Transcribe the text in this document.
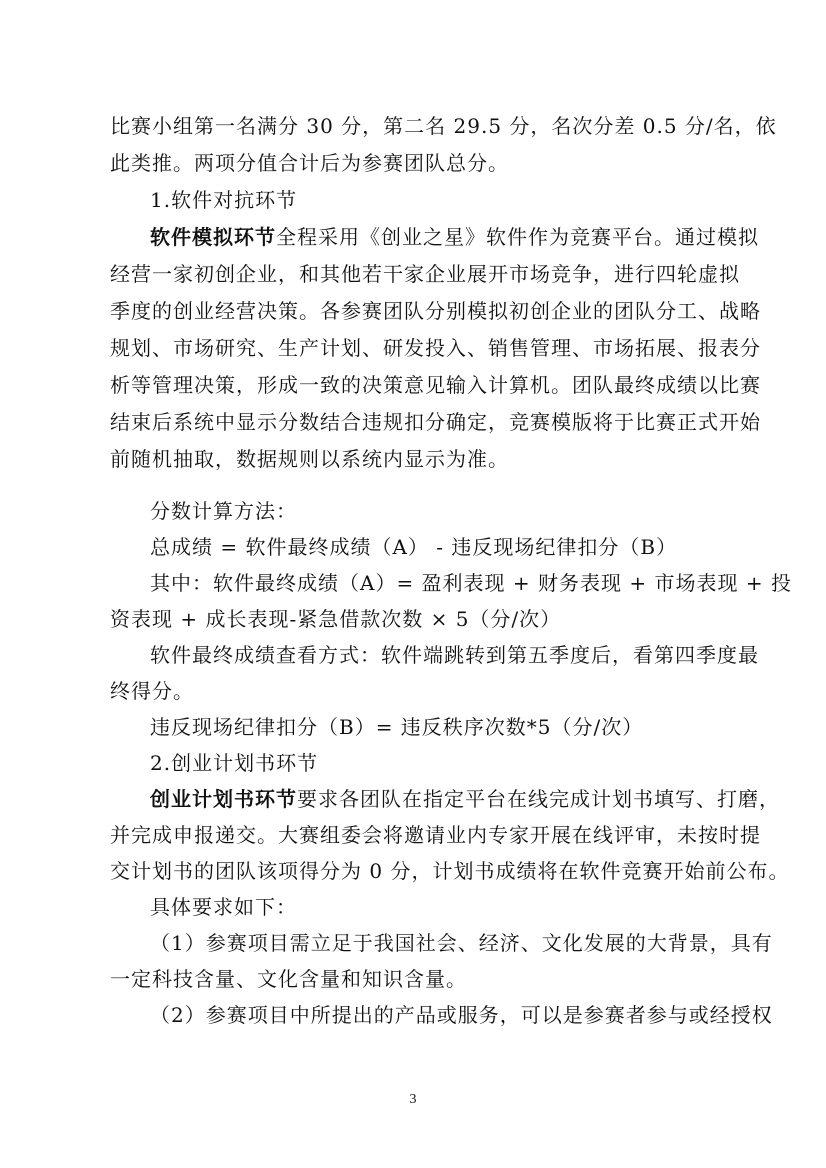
比赛小组第一名满分 30 分，第二名 29.5 分，名次分差 0.5 分/名，依
此类推。两项分值合计后为参赛团队总分。
1.软件对抗环节
软件模拟环节全程采用《创业之星》软件作为竞赛平台。通过模拟
经营一家初创企业，和其他若干家企业展开市场竞争，进行四轮虚拟
季度的创业经营决策。各参赛团队分别模拟初创企业的团队分工、战略
规划、市场研究、生产计划、研发投入、销售管理、市场拓展、报表分
析等管理决策，形成一致的决策意见输入计算机。团队最终成绩以比赛
结束后系统中显示分数结合违规扣分确定，竞赛模版将于比赛正式开始
前随机抽取，数据规则以系统内显示为准。
分数计算方法：
总成绩 = 软件最终成绩（A） - 违反现场纪律扣分（B）
其中：软件最终成绩（A）= 盈利表现 + 财务表现 + 市场表现 + 投
资表现 + 成长表现-紧急借款次数 × 5（分/次）
软件最终成绩查看方式：软件端跳转到第五季度后，看第四季度最
终得分。
违反现场纪律扣分（B）= 违反秩序次数*5（分/次）
2.创业计划书环节
创业计划书环节要求各团队在指定平台在线完成计划书填写、打磨，
并完成申报递交。大赛组委会将邀请业内专家开展在线评审，未按时提
交计划书的团队该项得分为 0 分，计划书成绩将在软件竞赛开始前公布。
具体要求如下：
（1）参赛项目需立足于我国社会、经济、文化发展的大背景，具有
一定科技含量、文化含量和知识含量。
（2）参赛项目中所提出的产品或服务，可以是参赛者参与或经授权
3
